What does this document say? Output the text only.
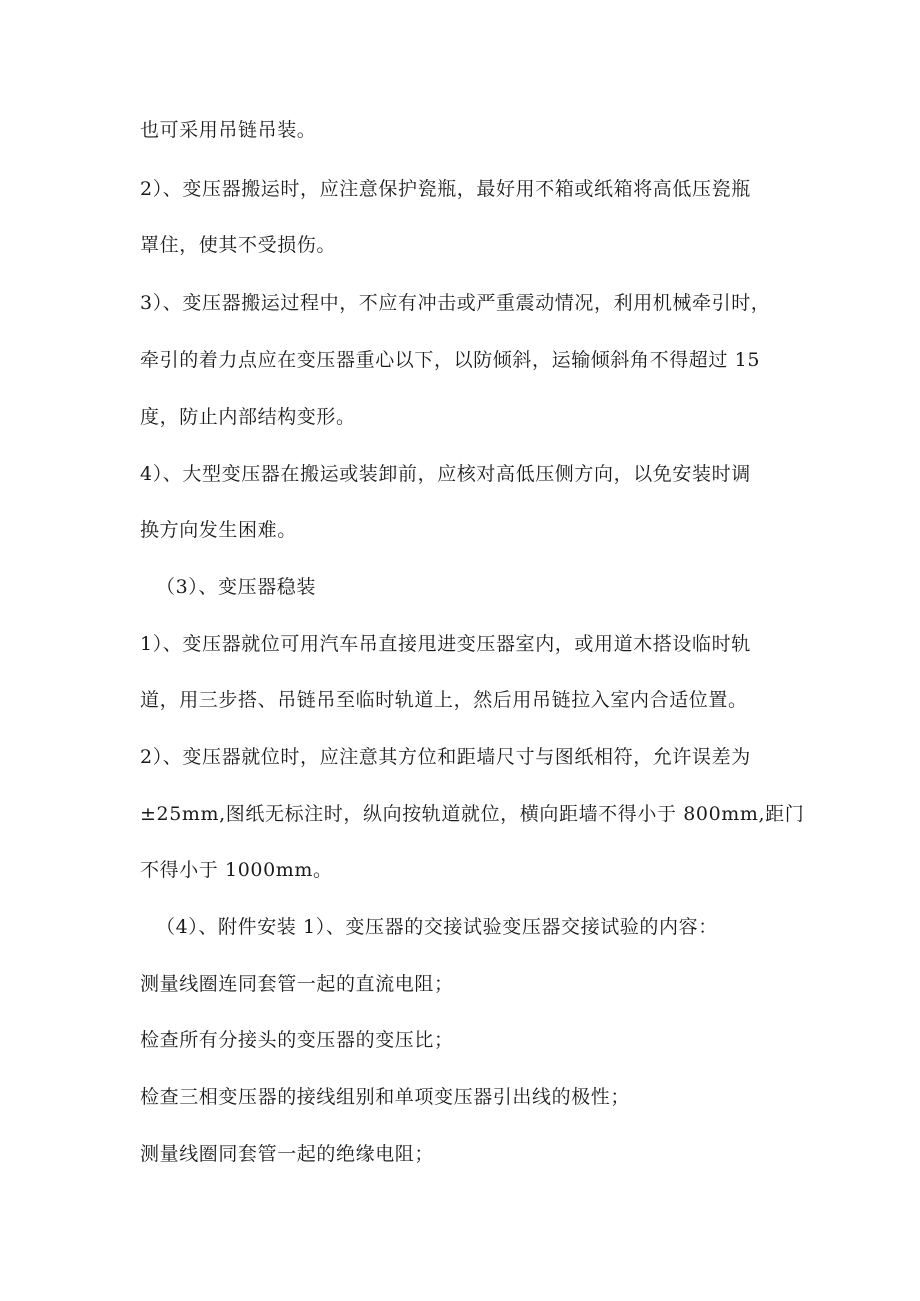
也可采用吊链吊装。
2）、变压器搬运时，应注意保护瓷瓶，最好用不箱或纸箱将高低压瓷瓶
罩住，使其不受损伤。
3）、变压器搬运过程中，不应有冲击或严重震动情况，利用机械牵引时，
牵引的着力点应在变压器重心以下，以防倾斜，运输倾斜角不得超过 15
度，防止内部结构变形。
4）、大型变压器在搬运或装卸前，应核对高低压侧方向，以免安装时调
换方向发生困难。
（3）、变压器稳装
1）、变压器就位可用汽车吊直接甩进变压器室内，或用道木搭设临时轨
道，用三步搭、吊链吊至临时轨道上，然后用吊链拉入室内合适位置。
2）、变压器就位时，应注意其方位和距墙尺寸与图纸相符，允许误差为
±25mm,图纸无标注时，纵向按轨道就位，横向距墙不得小于 800mm,距门
不得小于 1000mm。
（4）、附件安装 1）、变压器的交接试验变压器交接试验的内容：
测量线圈连同套管一起的直流电阻；
检查所有分接头的变压器的变压比；
检查三相变压器的接线组别和单项变压器引出线的极性；
测量线圈同套管一起的绝缘电阻；
